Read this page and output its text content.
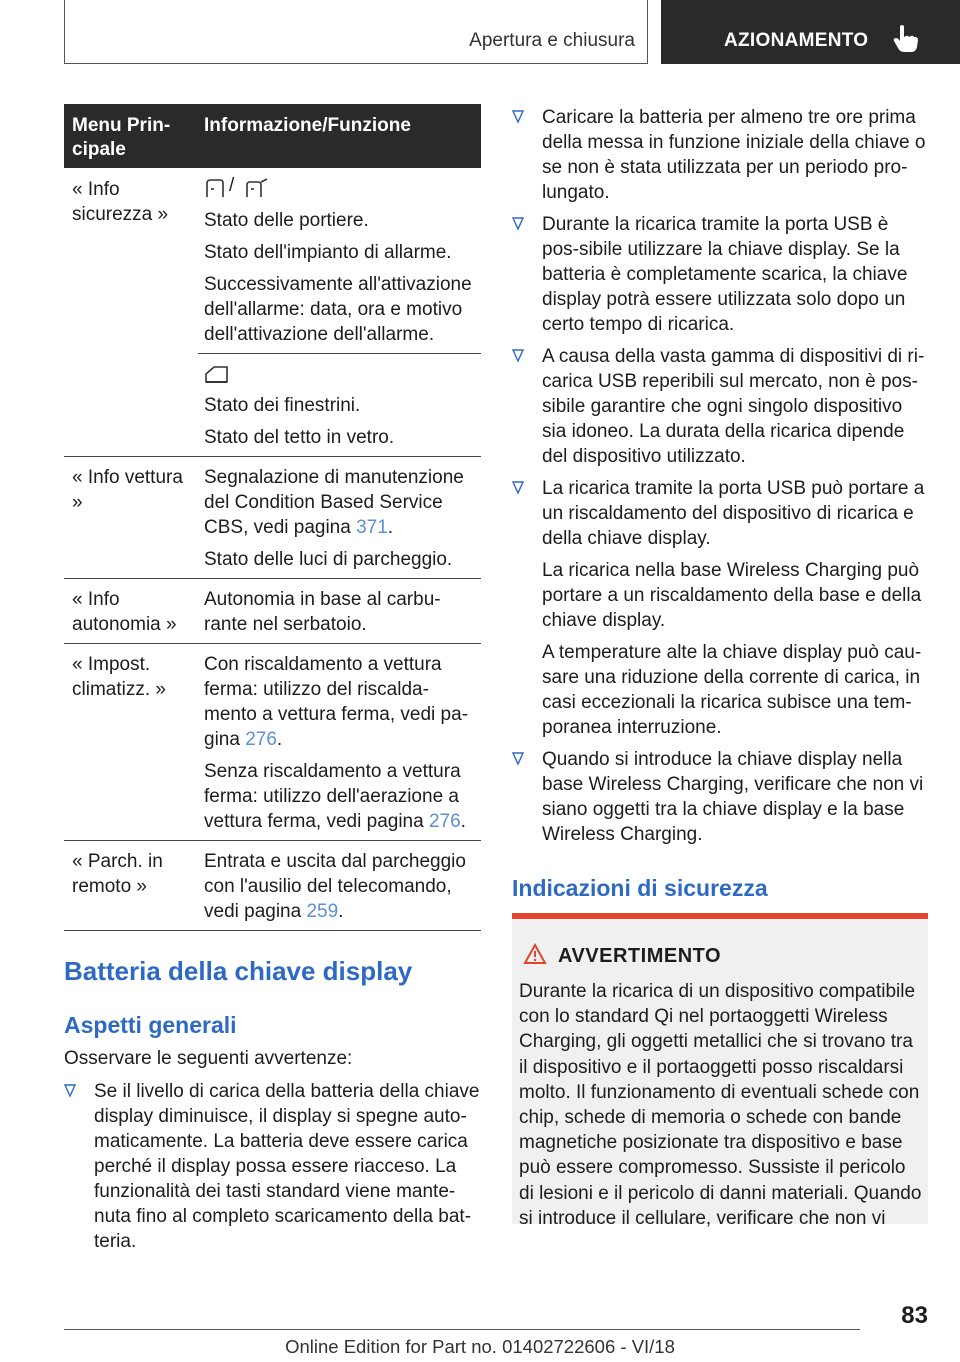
Apertura e chiusura	AZIONAMENTO
Menu Prin-cipale
Informazione/Funzione
« Info sicurezza »
/

Stato delle portiere.

Stato dell'impianto di allarme.

Successivamente all'attivazione dell'allarme: data, ora e motivo dell'attivazione dell'allarme.

Stato dei finestrini.

Stato del tetto in vetro.

« Info vettura »

Segnalazione di manutenzione del Condition Based Service CBS, vedi pagina 371.

Stato delle luci di parcheggio.

« Info autonomia »
Autonomia in base al carbu-rante nel serbatoio.
« Impost. climatizz. »

Con riscaldamento a vettura ferma: utilizzo del riscalda-mento a vettura ferma, vedi pa-gina 276.

Senza riscaldamento a vettura ferma: utilizzo dell'aerazione a vettura ferma, vedi pagina 276.

« Parch. in remoto »

Entrata e uscita dal parcheggio con l'ausilio del telecomando, vedi pagina 259.

Batteria della chiave display
Aspetti generali
Osservare le seguenti avvertenze:

Se il livello di carica della batteria della chiave display diminuisce, il display si spegne auto-maticamente. La batteria deve essere carica perché il display possa essere riacceso. La funzionalità dei tasti standard viene mante-nuta fino al completo scaricamento della bat-teria.

Caricare la batteria per almeno tre ore prima della messa in funzione iniziale della chiave o se non è stata utilizzata per un periodo pro-lungato.

Durante la ricarica tramite la porta USB è pos-sibile utilizzare la chiave display. Se la batteria è completamente scarica, la chiave display potrà essere utilizzata solo dopo un certo tempo di ricarica.

A causa della vasta gamma di dispositivi di ri-carica USB reperibili sul mercato, non è pos-sibile garantire che ogni singolo dispositivo sia idoneo. La durata della ricarica dipende del dispositivo utilizzato.

La ricarica tramite la porta USB può portare a un riscaldamento del dispositivo di ricarica e della chiave display.

La ricarica nella base Wireless Charging può portare a un riscaldamento della base e della chiave display.

A temperature alte la chiave display può cau-sare una riduzione della corrente di carica, in casi eccezionali la ricarica subisce una tem-poranea interruzione.

Quando si introduce la chiave display nella base Wireless Charging, verificare che non vi siano oggetti tra la chiave display e la base Wireless Charging.

Indicazioni di sicurezza
AVVERTIMENTO
Durante la ricarica di un dispositivo compatibile con lo standard Qi nel portaoggetti Wireless Charging, gli oggetti metallici che si trovano tra il dispositivo e il portaoggetti posso riscaldarsi molto. Il funzionamento di eventuali schede con chip, schede di memoria o schede con bande magnetiche posizionate tra dispositivo e base può essere compromesso. Sussiste il pericolo di lesioni e il pericolo di danni materiali. Quando si introduce il cellulare, verificare che non vi
83
Online Edition for Part no. 01402722606 - VI/18
